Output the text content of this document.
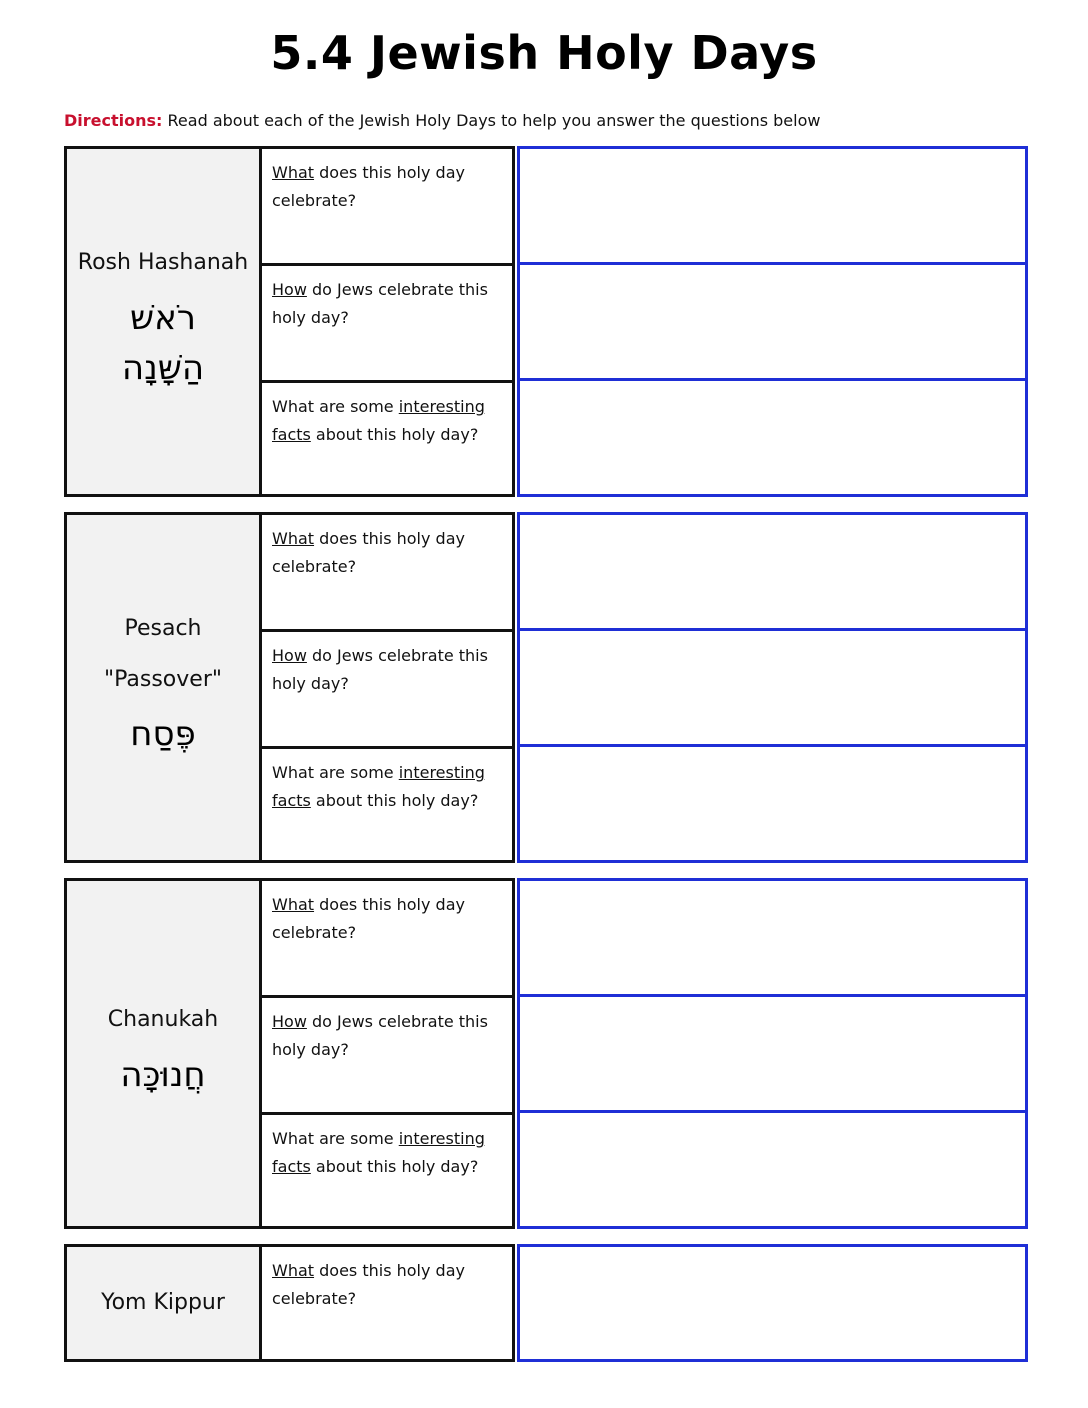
5.4 Jewish Holy Days
Directions: Read about each of the Jewish Holy Days to help you answer the questions below
Rosh Hashanah
רֹאשׁ הַשָּׁנָה
What does this holy day celebrate?
How do Jews celebrate this holy day?
What are some interesting facts about this holy day?
Pesach
"Passover"
פֶּסַח
What does this holy day celebrate?
How do Jews celebrate this holy day?
What are some interesting facts about this holy day?
Chanukah
חֲנוּכָּה
What does this holy day celebrate?
How do Jews celebrate this holy day?
What are some interesting facts about this holy day?
Yom Kippur
What does this holy day celebrate?
